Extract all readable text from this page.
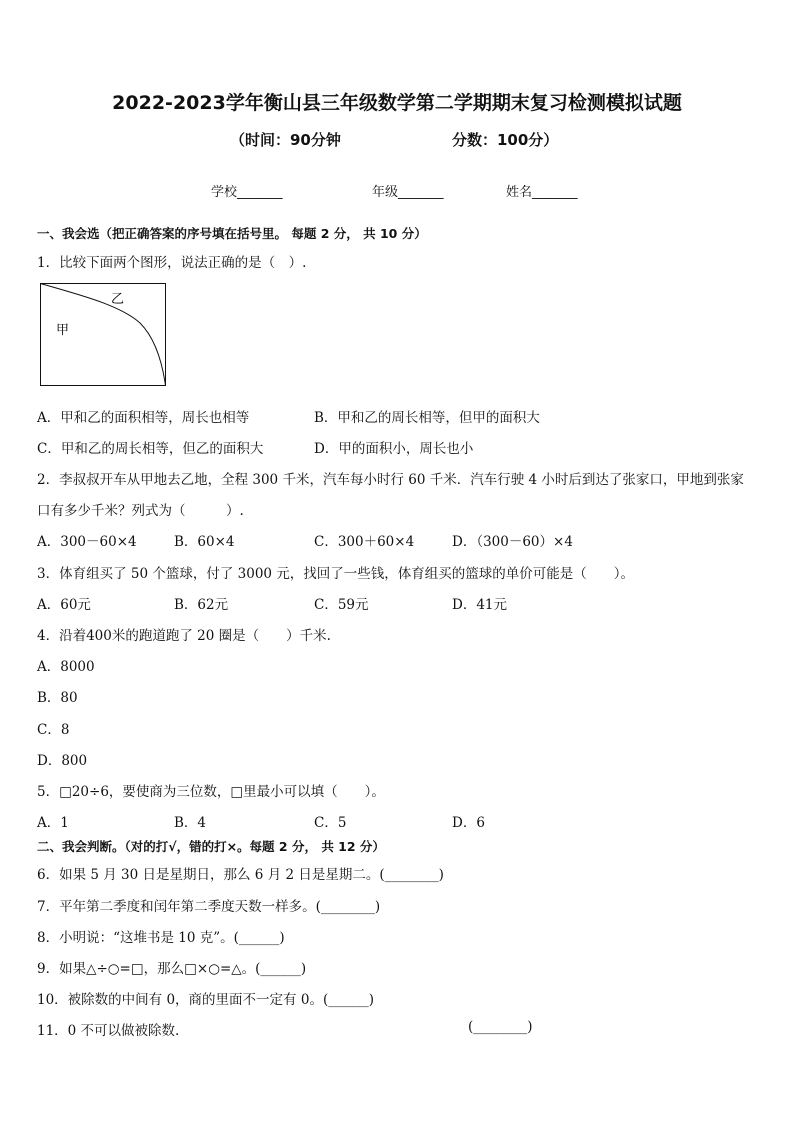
2022-2023学年衡山县三年级数学第二学期期末复习检测模拟试题
（时间：90分钟	分数：100分）
学校_______	年级_______	姓名_______
一、我会选（把正确答案的序号填在括号里。 每题 2 分， 共 10 分）
1．比较下面两个图形，说法正确的是（　）.
甲
乙
A．甲和乙的面积相等，周长也相等	B．甲和乙的周长相等，但甲的面积大
C．甲和乙的周长相等，但乙的面积大	D．甲的面积小，周长也小
2．李叔叔开车从甲地去乙地，全程 300 千米，汽车每小时行 60 千米．汽车行驶 4 小时后到达了张家口，甲地到张家
口有多少千米？列式为（　　　）.
A．300－60×4	B．60×4	C．300＋60×4	D．（300－60）×4
3．体育组买了 50 个篮球，付了 3000 元，找回了一些钱，体育组买的篮球的单价可能是（　　）。
A．60元	B．62元	C．59元	D．41元
4．沿着400米的跑道跑了 20 圈是（　　）千米.
A．8000
B．80
C．8
D．800
5．□20÷6，要使商为三位数，□里最小可以填（　　）。
A．1	B．4	C．5	D．6
二、我会判断。（对的打√，错的打×。每题 2 分， 共 12 分）
6．如果 5 月 30 日是星期日，那么 6 月 2 日是星期二。(________)
7．平年第二季度和闰年第二季度天数一样多。(________)
8．小明说：“这堆书是 10 克”。(______)
9．如果△÷○=□，那么□×○=△。(______)
10．被除数的中间有 0，商的里面不一定有 0。(______)
11．0 不可以做被除数.	(________)
